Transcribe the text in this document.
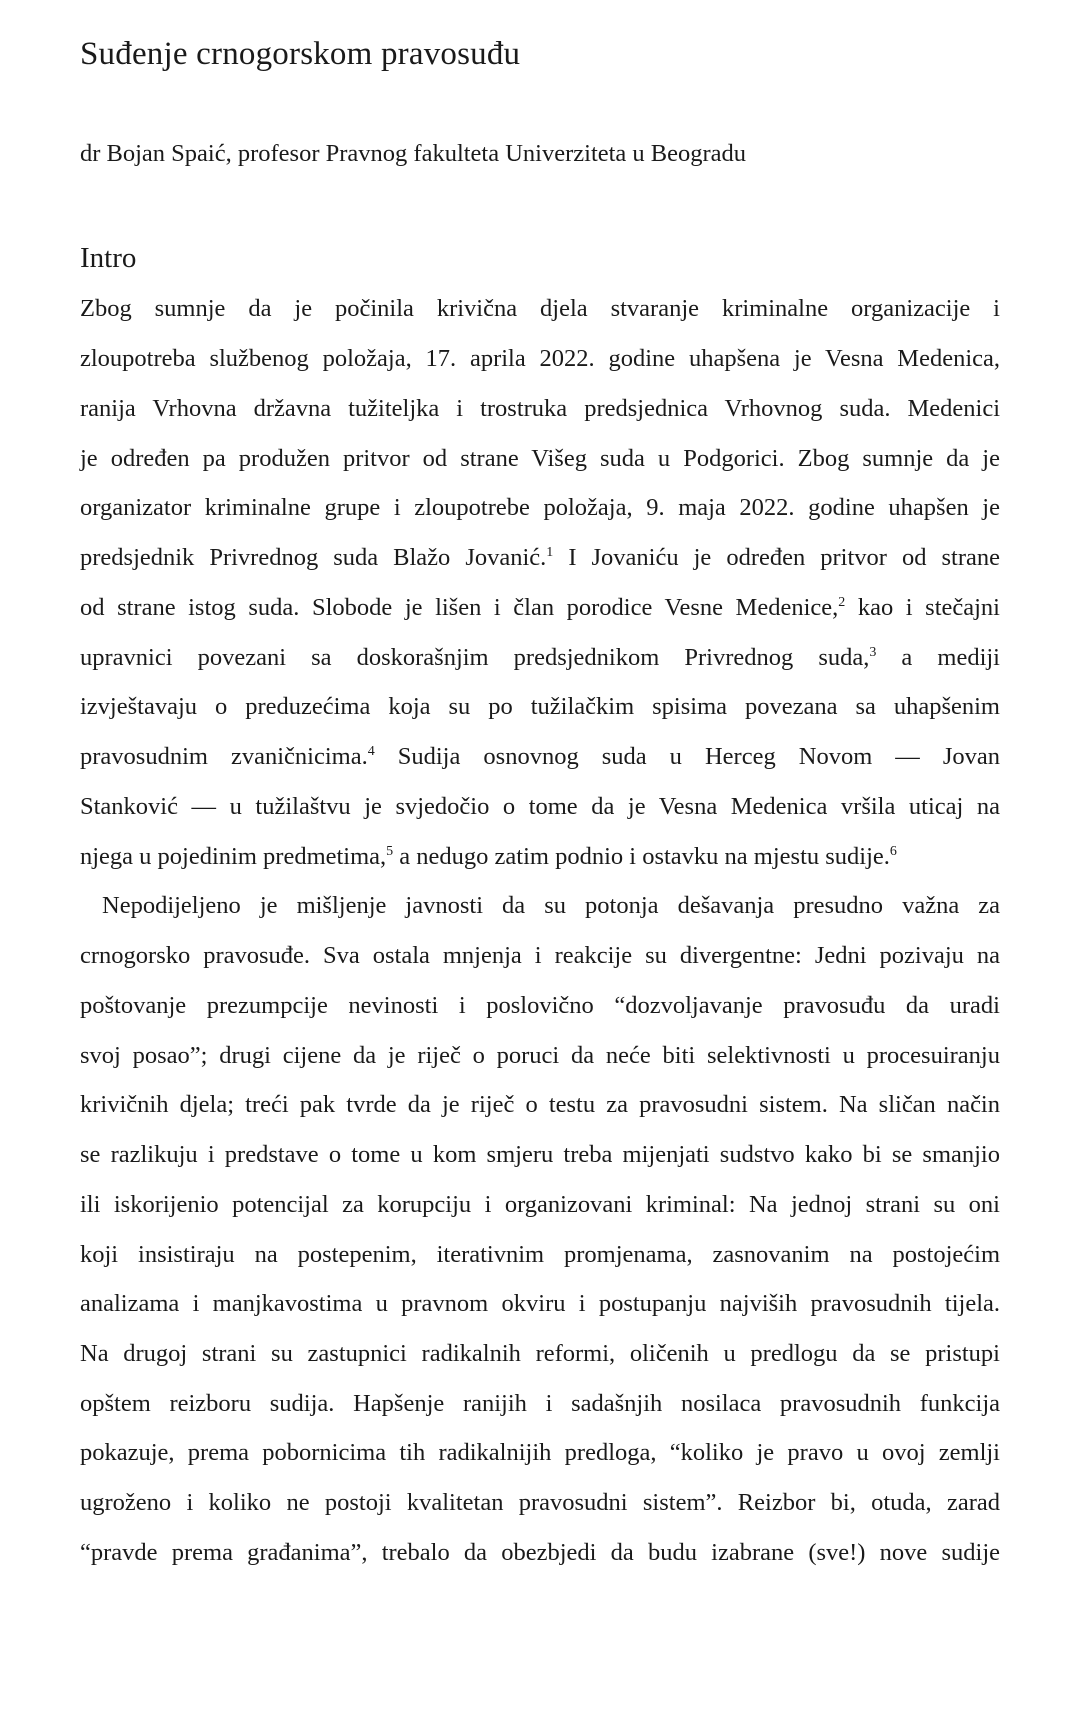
Suđenje crnogorskom pravosuđu

dr Bojan Spaić, profesor Pravnog fakulteta Univerziteta u Beogradu

Intro
Zbog sumnje da je počinila krivična djela stvaranje kriminalne organizacije i
zloupotreba službenog položaja, 17. aprila 2022. godine uhapšena je Vesna Medenica,
ranija Vrhovna državna tužiteljka i trostruka predsjednica Vrhovnog suda. Medenici
je određen pa produžen pritvor od strane Višeg suda u Podgorici. Zbog sumnje da je
organizator kriminalne grupe i zloupotrebe položaja, 9. maja 2022. godine uhapšen je
predsjednik Privrednog suda Blažo Jovanić.$^1$ I Jovaniću je određen pritvor od strane
od strane istog suda. Slobode je lišen i član porodice Vesne Medenice,$^2$ kao i stečajni
upravnici povezani sa doskorašnjim predsjednikom Privrednog suda,$^3$ a mediji
izvještavaju o preduzećima koja su po tužilačkim spisima povezana sa uhapšenim
pravosudnim zvaničnicima.$^4$ Sudija osnovnog suda u Herceg Novom — Jovan
Stanković — u tužilaštvu je svjedočio o tome da je Vesna Medenica vršila uticaj na
njega u pojedinim predmetima,$^5$ a nedugo zatim podnio i ostavku na mjestu sudije.$^6$
Nepodijeljeno je mišljenje javnosti da su potonja dešavanja presudno važna za
crnogorsko pravosuđe. Sva ostala mnjenja i reakcije su divergentne: Jedni pozivaju na
poštovanje prezumpcije nevinosti i poslovično “dozvoljavanje pravosuđu da uradi
svoj posao”; drugi cijene da je riječ o poruci da neće biti selektivnosti u procesuiranju
krivičnih djela; treći pak tvrde da je riječ o testu za pravosudni sistem. Na sličan način
se razlikuju i predstave o tome u kom smjeru treba mijenjati sudstvo kako bi se smanjio
ili iskorijenio potencijal za korupciju i organizovani kriminal: Na jednoj strani su oni
koji insistiraju na postepenim, iterativnim promjenama, zasnovanim na postojećim
analizama i manjkavostima u pravnom okviru i postupanju najviših pravosudnih tijela.
Na drugoj strani su zastupnici radikalnih reformi, oličenih u predlogu da se pristupi
opštem reizboru sudija. Hapšenje ranijih i sadašnjih nosilaca pravosudnih funkcija
pokazuje, prema pobornicima tih radikalnijih predloga, “koliko je pravo u ovoj zemlji
ugroženo i koliko ne postoji kvalitetan pravosudni sistem”. Reizbor bi, otuda, zarad
“pravde prema građanima”, trebalo da obezbjedi da budu izabrane (sve!) nove sudije
